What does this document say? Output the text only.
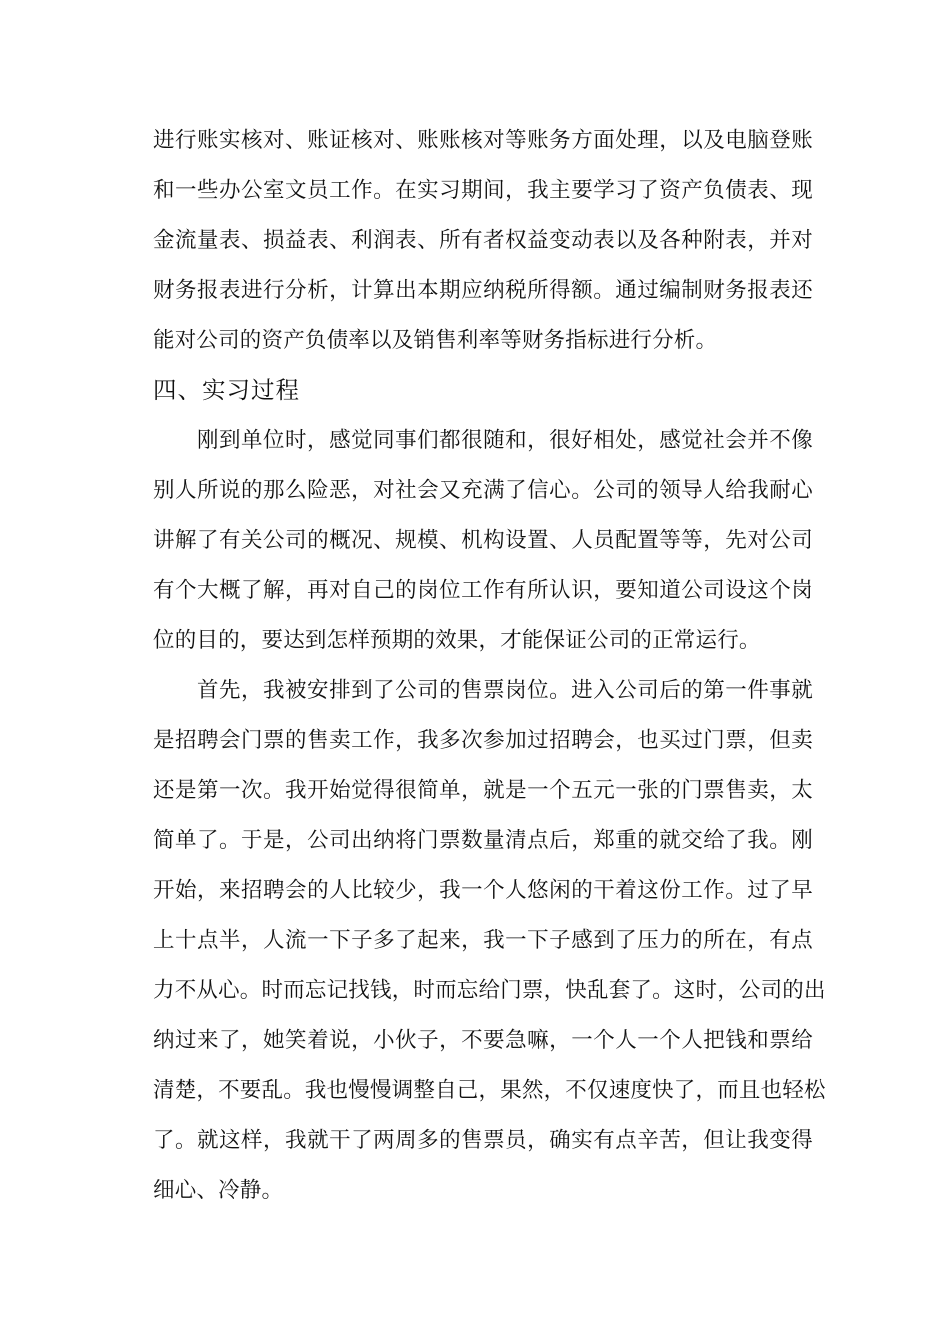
进行账实核对、账证核对、账账核对等账务方面处理，以及电脑登账
和一些办公室文员工作。在实习期间，我主要学习了资产负债表、现
金流量表、损益表、利润表、所有者权益变动表以及各种附表，并对
财务报表进行分析，计算出本期应纳税所得额。通过编制财务报表还
能对公司的资产负债率以及销售利率等财务指标进行分析。
四、实习过程
刚到单位时，感觉同事们都很随和，很好相处，感觉社会并不像
别人所说的那么险恶，对社会又充满了信心。公司的领导人给我耐心
讲解了有关公司的概况、规模、机构设置、人员配置等等，先对公司
有个大概了解，再对自己的岗位工作有所认识，要知道公司设这个岗
位的目的，要达到怎样预期的效果，才能保证公司的正常运行。
首先，我被安排到了公司的售票岗位。进入公司后的第一件事就
是招聘会门票的售卖工作，我多次参加过招聘会，也买过门票，但卖
还是第一次。我开始觉得很简单，就是一个五元一张的门票售卖，太
简单了。于是，公司出纳将门票数量清点后，郑重的就交给了我。刚
开始，来招聘会的人比较少，我一个人悠闲的干着这份工作。过了早
上十点半，人流一下子多了起来，我一下子感到了压力的所在，有点
力不从心。时而忘记找钱，时而忘给门票，快乱套了。这时，公司的出
纳过来了，她笑着说，小伙子，不要急嘛，一个人一个人把钱和票给
清楚，不要乱。我也慢慢调整自己，果然，不仅速度快了，而且也轻松
了。就这样，我就干了两周多的售票员，确实有点辛苦，但让我变得
细心、冷静。
